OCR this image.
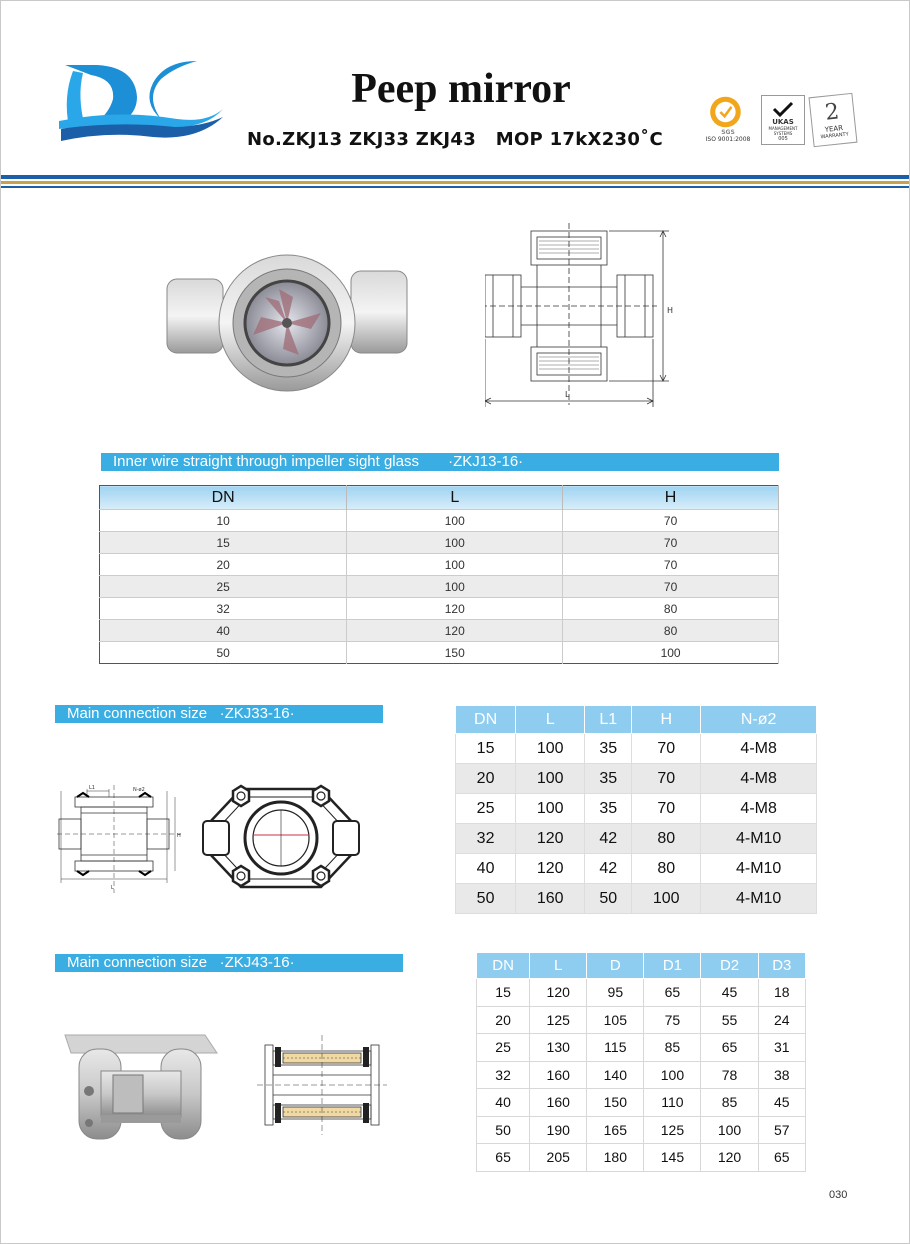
Peep mirror
No.ZKJ13 ZKJ33 ZKJ43   MOP 17kX230˚C	SGS
ISO 9001:2008
UKAS
MANAGEMENT
SYSTEMS
005
2
YEAR
WARRANTY
H
L
Inner wire straight through impeller sight glass       ·ZKJ13-16·
DN	L	H
10	100	70
15	100	70
20	100	70
25	100	70
32	120	80
40	120	80
50	150	100
Main connection size   ·ZKJ33-16·
L1	N-ø2
L
H
DN	L	L1	H	N-ø2
15	100	35	70	4-M8
20	100	35	70	4-M8
25	100	35	70	4-M8
32	120	42	80	4-M10
40	120	42	80	4-M10
50	160	50	100	4-M10
Main connection size   ·ZKJ43-16·	DN	L	D	D1	D2	D3
15	120	95	65	45	18
20	125	105	75	55	24
25	130	115	85	65	31
32	160	140	100	78	38
40	160	150	110	85	45
50	190	165	125	100	57
65	205	180	145	120	65
030
